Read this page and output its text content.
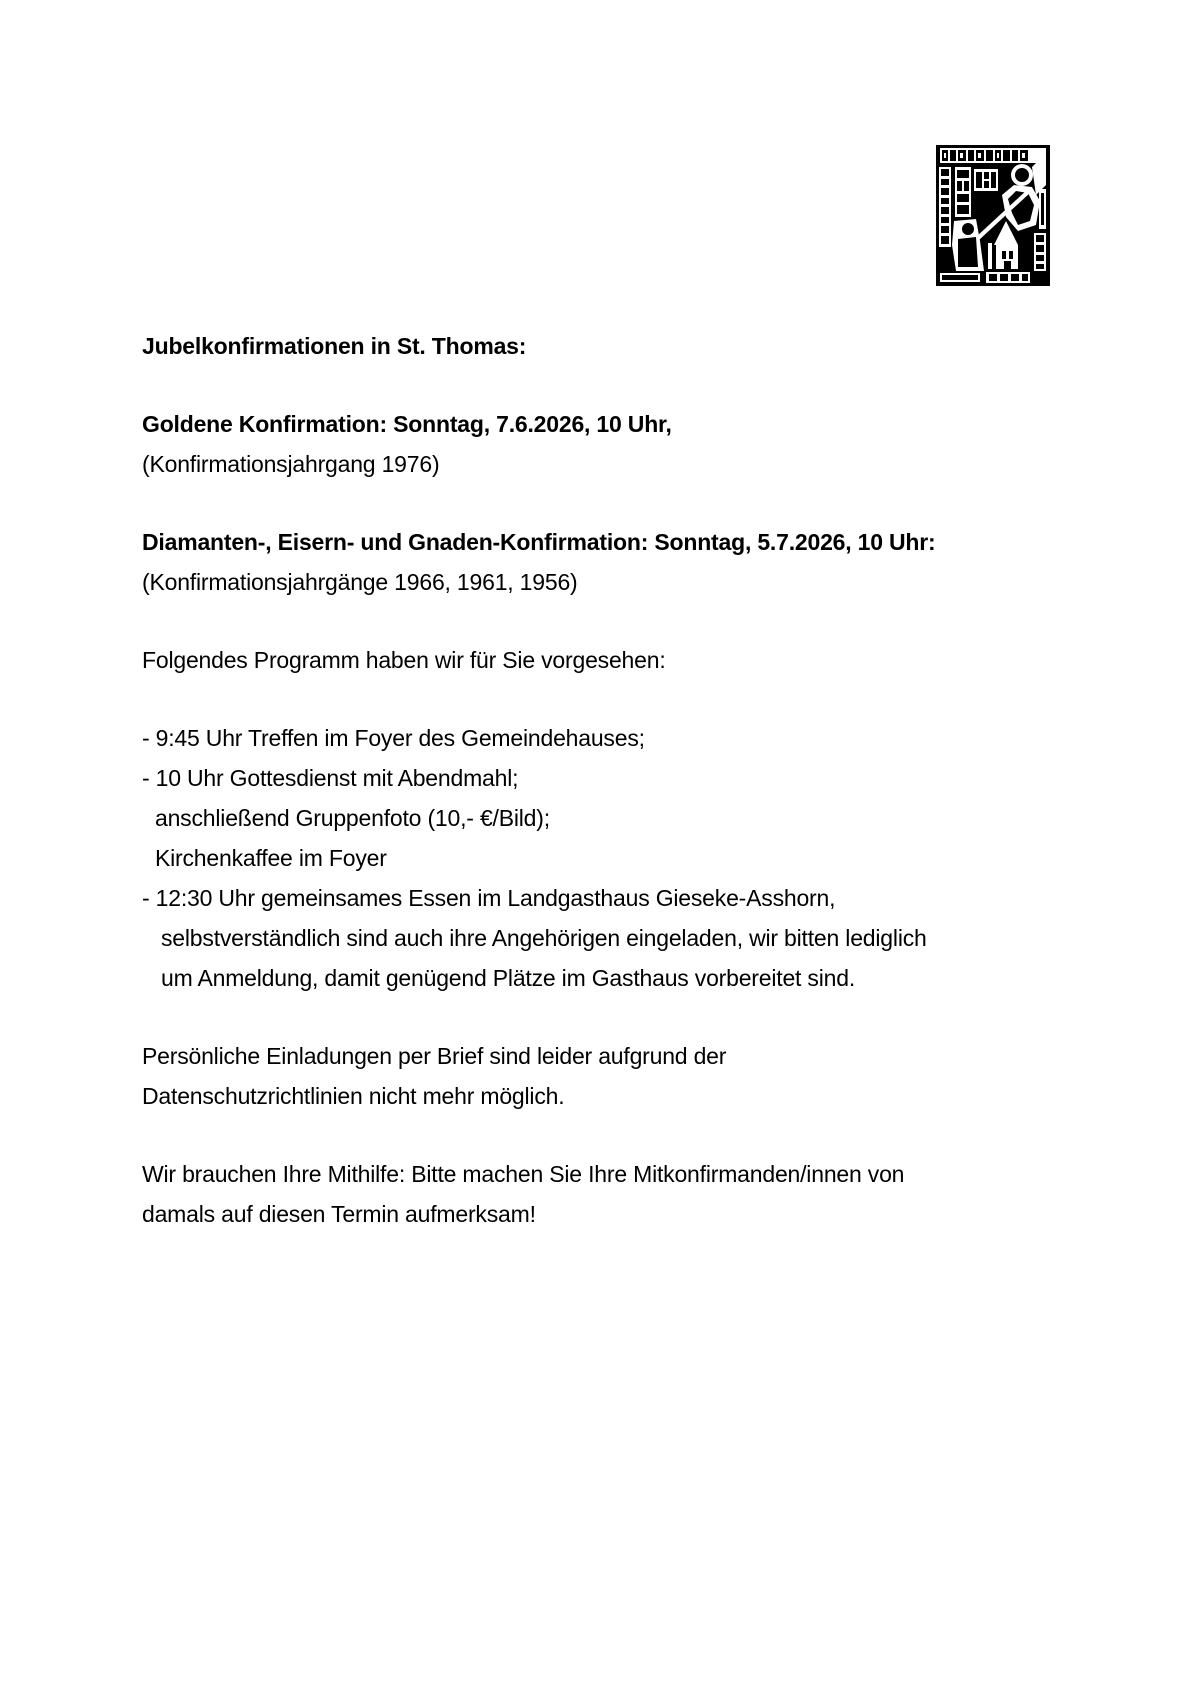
Jubelkonfirmationen in St. Thomas:
Goldene Konfirmation: Sonntag, 7.6.2026, 10 Uhr,
(Konfirmationsjahrgang 1976)
Diamanten-, Eisern- und Gnaden-Konfirmation: Sonntag, 5.7.2026, 10 Uhr:
(Konfirmationsjahrgänge 1966, 1961, 1956)
Folgendes Programm haben wir für Sie vorgesehen:
- 9:45 Uhr Treffen im Foyer des Gemeindehauses;
- 10 Uhr Gottesdienst mit Abendmahl;
anschließend Gruppenfoto (10,- €/Bild);
Kirchenkaffee im Foyer
- 12:30 Uhr gemeinsames Essen im Landgasthaus Gieseke-Asshorn,
selbstverständlich sind auch ihre Angehörigen eingeladen, wir bitten lediglich
um Anmeldung, damit genügend Plätze im Gasthaus vorbereitet sind.
Persönliche Einladungen per Brief sind leider aufgrund der
Datenschutzrichtlinien nicht mehr möglich.
Wir brauchen Ihre Mithilfe: Bitte machen Sie Ihre Mitkonfirmanden/innen von
damals auf diesen Termin aufmerksam!
